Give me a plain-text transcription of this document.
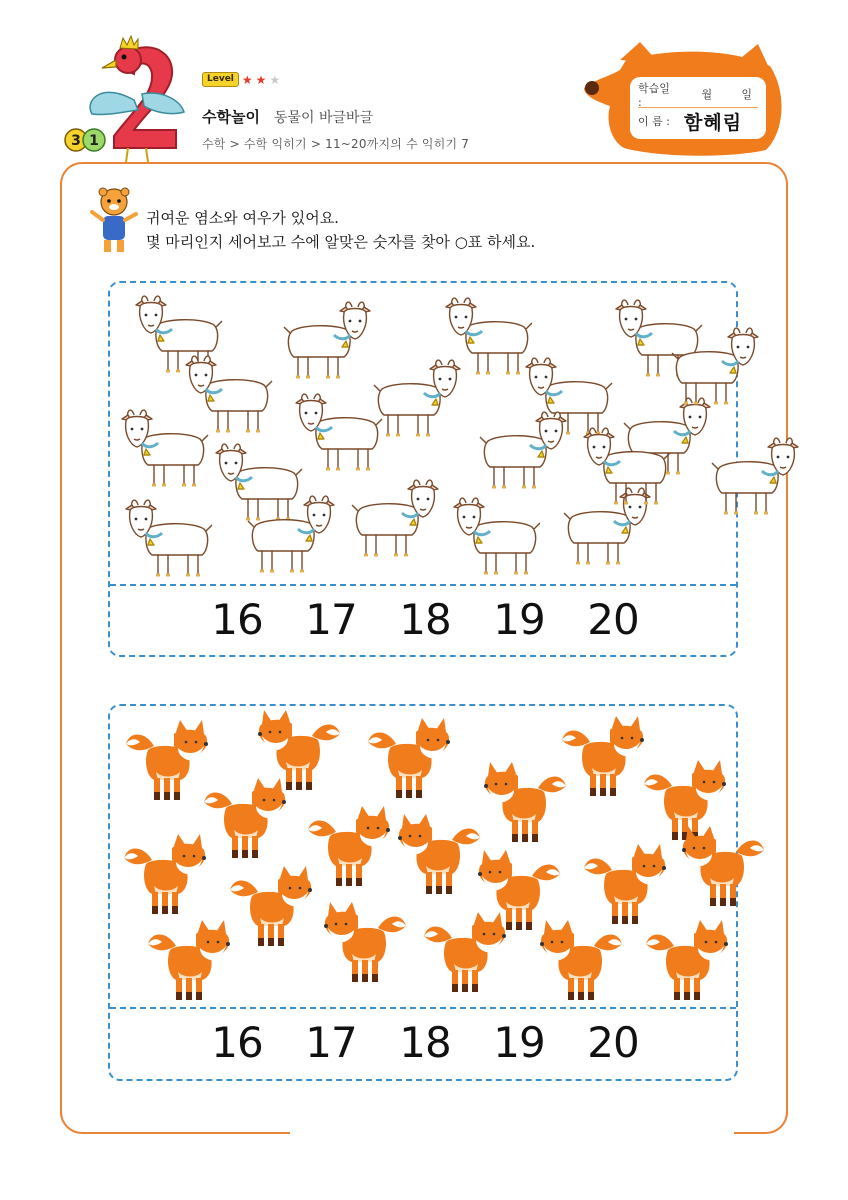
3 1
Level ★ ★ ★
수학놀이 동물이 바글바글
수학 > 수학 익히기 > 11~20까지의 수 익히기 7
학습일 :
월	일
이 름 : 함혜림
귀여운 염소와 여우가 있어요.
몇 마리인지 세어보고 수에 알맞은 숫자를 찾아 ○표 하세요.
16	17	18	19	20
16	17	18	19	20
